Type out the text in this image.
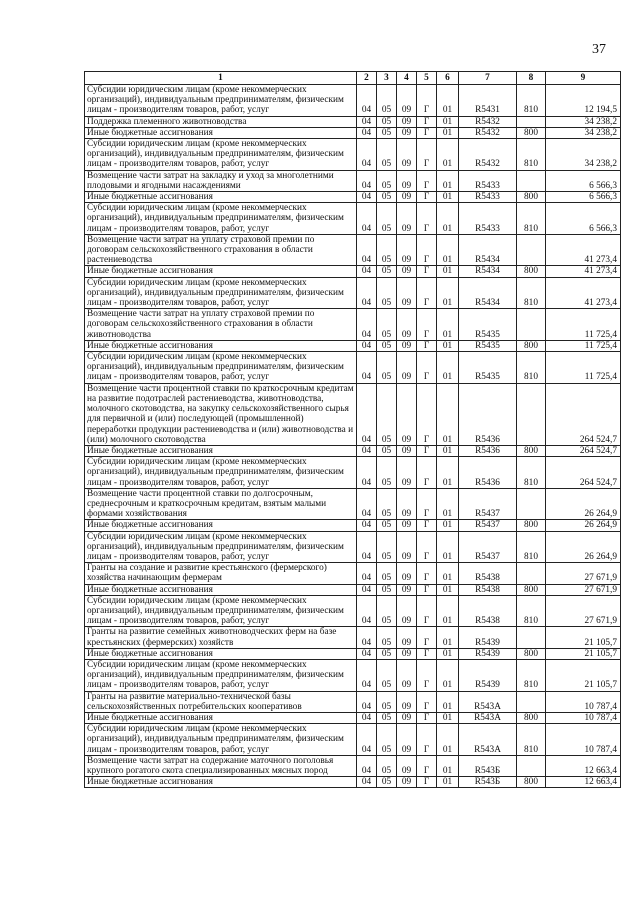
37
1	2	3	4	5	6	7	8	9
Субсидии юридическим лицам (кроме некоммерческих организаций), индивидуальным предпринимателям, физическим лицам - производителям товаров, работ, услуг	04	05	09	Г	01	R5431	810	12 194,5
Поддержка племенного животноводства	04	05	09	Г	01	R5432		34 238,2
Иные бюджетные ассигнования	04	05	09	Г	01	R5432	800	34 238,2
Субсидии юридическим лицам (кроме некоммерческих организаций), индивидуальным предпринимателям, физическим лицам - производителям товаров, работ, услуг	04	05	09	Г	01	R5432	810	34 238,2
Возмещение части затрат на закладку и уход за многолетними плодовыми и ягодными насаждениями	04	05	09	Г	01	R5433		6 566,3
Иные бюджетные ассигнования	04	05	09	Г	01	R5433	800	6 566,3
Субсидии юридическим лицам (кроме некоммерческих организаций), индивидуальным предпринимателям, физическим лицам - производителям товаров, работ, услуг	04	05	09	Г	01	R5433	810	6 566,3
Возмещение части затрат на уплату страховой премии по договорам сельскохозяйственного страхования в области растениеводства	04	05	09	Г	01	R5434		41 273,4
Иные бюджетные ассигнования	04	05	09	Г	01	R5434	800	41 273,4
Субсидии юридическим лицам (кроме некоммерческих организаций), индивидуальным предпринимателям, физическим лицам - производителям товаров, работ, услуг	04	05	09	Г	01	R5434	810	41 273,4
Возмещение части затрат на уплату страховой премии по договорам сельскохозяйственного страхования в области животноводства	04	05	09	Г	01	R5435		11 725,4
Иные бюджетные ассигнования	04	05	09	Г	01	R5435	800	11 725,4
Субсидии юридическим лицам (кроме некоммерческих организаций), индивидуальным предпринимателям, физическим лицам - производителям товаров, работ, услуг	04	05	09	Г	01	R5435	810	11 725,4
Возмещение части процентной ставки по краткосрочным кредитам на развитие подотраслей растениеводства, животноводства, молочного скотоводства, на закупку сельскохозяйственного сырья для первичной и (или) последующей (промышленной) переработки продукции растениеводства и (или) животноводства и (или) молочного скотоводства	04	05	09	Г	01	R5436		264 524,7
Иные бюджетные ассигнования	04	05	09	Г	01	R5436	800	264 524,7
Субсидии юридическим лицам (кроме некоммерческих организаций), индивидуальным предпринимателям, физическим лицам - производителям товаров, работ, услуг	04	05	09	Г	01	R5436	810	264 524,7
Возмещение части процентной ставки по долгосрочным, среднесрочным и краткосрочным кредитам, взятым малыми формами хозяйствования	04	05	09	Г	01	R5437		26 264,9
Иные бюджетные ассигнования	04	05	09	Г	01	R5437	800	26 264,9
Субсидии юридическим лицам (кроме некоммерческих организаций), индивидуальным предпринимателям, физическим лицам - производителям товаров, работ, услуг	04	05	09	Г	01	R5437	810	26 264,9
Гранты на создание и развитие крестьянского (фермерского) хозяйства начинающим фермерам	04	05	09	Г	01	R5438		27 671,9
Иные бюджетные ассигнования	04	05	09	Г	01	R5438	800	27 671,9
Субсидии юридическим лицам (кроме некоммерческих организаций), индивидуальным предпринимателям, физическим лицам - производителям товаров, работ, услуг	04	05	09	Г	01	R5438	810	27 671,9
Гранты на развитие семейных животноводческих ферм на базе крестьянских (фермерских) хозяйств	04	05	09	Г	01	R5439		21 105,7
Иные бюджетные ассигнования	04	05	09	Г	01	R5439	800	21 105,7
Субсидии юридическим лицам (кроме некоммерческих организаций), индивидуальным предпринимателям, физическим лицам - производителям товаров, работ, услуг	04	05	09	Г	01	R5439	810	21 105,7
Гранты на развитие материально-технической базы сельскохозяйственных потребительских кооперативов	04	05	09	Г	01	R543A		10 787,4
Иные бюджетные ассигнования	04	05	09	Г	01	R543A	800	10 787,4
Субсидии юридическим лицам (кроме некоммерческих организаций), индивидуальным предпринимателям, физическим лицам - производителям товаров, работ, услуг	04	05	09	Г	01	R543A	810	10 787,4
Возмещение части затрат на содержание маточного поголовья крупного рогатого скота специализированных мясных пород	04	05	09	Г	01	R543Б		12 663,4
Иные бюджетные ассигнования	04	05	09	Г	01	R543Б	800	12 663,4
